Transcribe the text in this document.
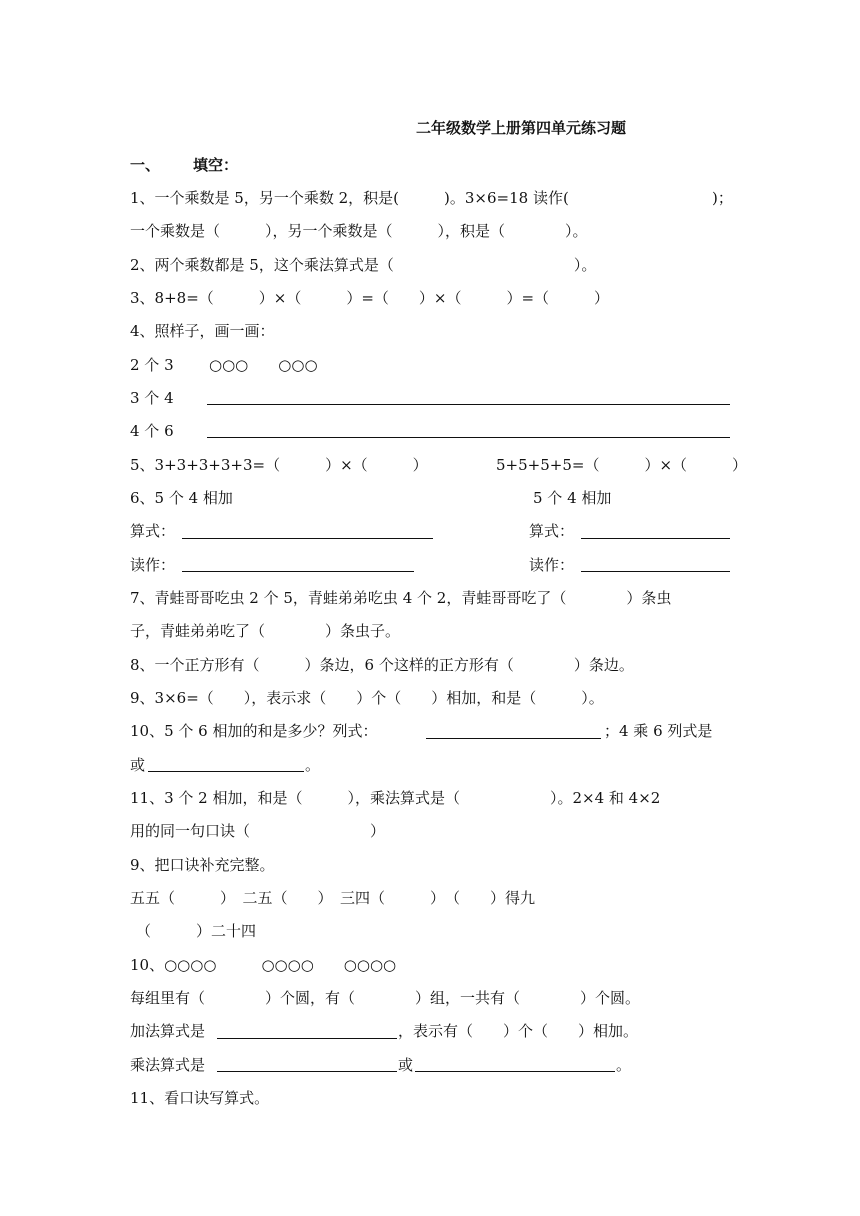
二年级数学上册第四单元练习题
一、 填空：
1、一个乘数是 5，另一个乘数 2，积是(　　　)。3×6=18 读作(	)；
一个乘数是（　　　），另一个乘数是（　　　），积是（　　　　）。
2、两个乘数都是 5，这个乘法算式是（　　　　　　　　　　　　）。
3、8+8=（　　　）×（　　　）=（　　）×（　　　）=（　　　）
4、照样子，画一画：
2 个 3 ○○○　　○○○
3 个 4
4 个 6
5、3+3+3+3+3=（　　　）×（　　　）	5+5+5+5=（　　　）×（　　　）
6、5 个 4 相加	5 个 4 相加
算式：	算式：
读作：	读作：
7、青蛙哥哥吃虫 2 个 5，青蛙弟弟吃虫 4 个 2，青蛙哥哥吃了（　　　　）条虫
子，青蛙弟弟吃了（　　　　）条虫子。
8、一个正方形有（　　　）条边，6 个这样的正方形有（　　　　）条边。
9、3×6=（　　），表示求（　　）个（　　）相加，和是（　　　）。
10、5 个 6 相加的和是多少？列式：	；4 乘 6 列式是
或	。
11、3 个 2 相加，和是（　　　），乘法算式是（　　　　　　）。2×4 和 4×2
用的同一句口诀（　　　　　　　　）
9、把口诀补充完整。
五五（　　　）　二五（　　）　三四（　　　）　（　　）得九
（　　　）二十四
10、○○○○　　　○○○○　　○○○○
每组里有（　　　　）个圆，有（　　　　）组，一共有（　　　　）个圆。
加法算式是	，表示有（　　）个（　　）相加。
乘法算式是	或	。
11、看口诀写算式。
